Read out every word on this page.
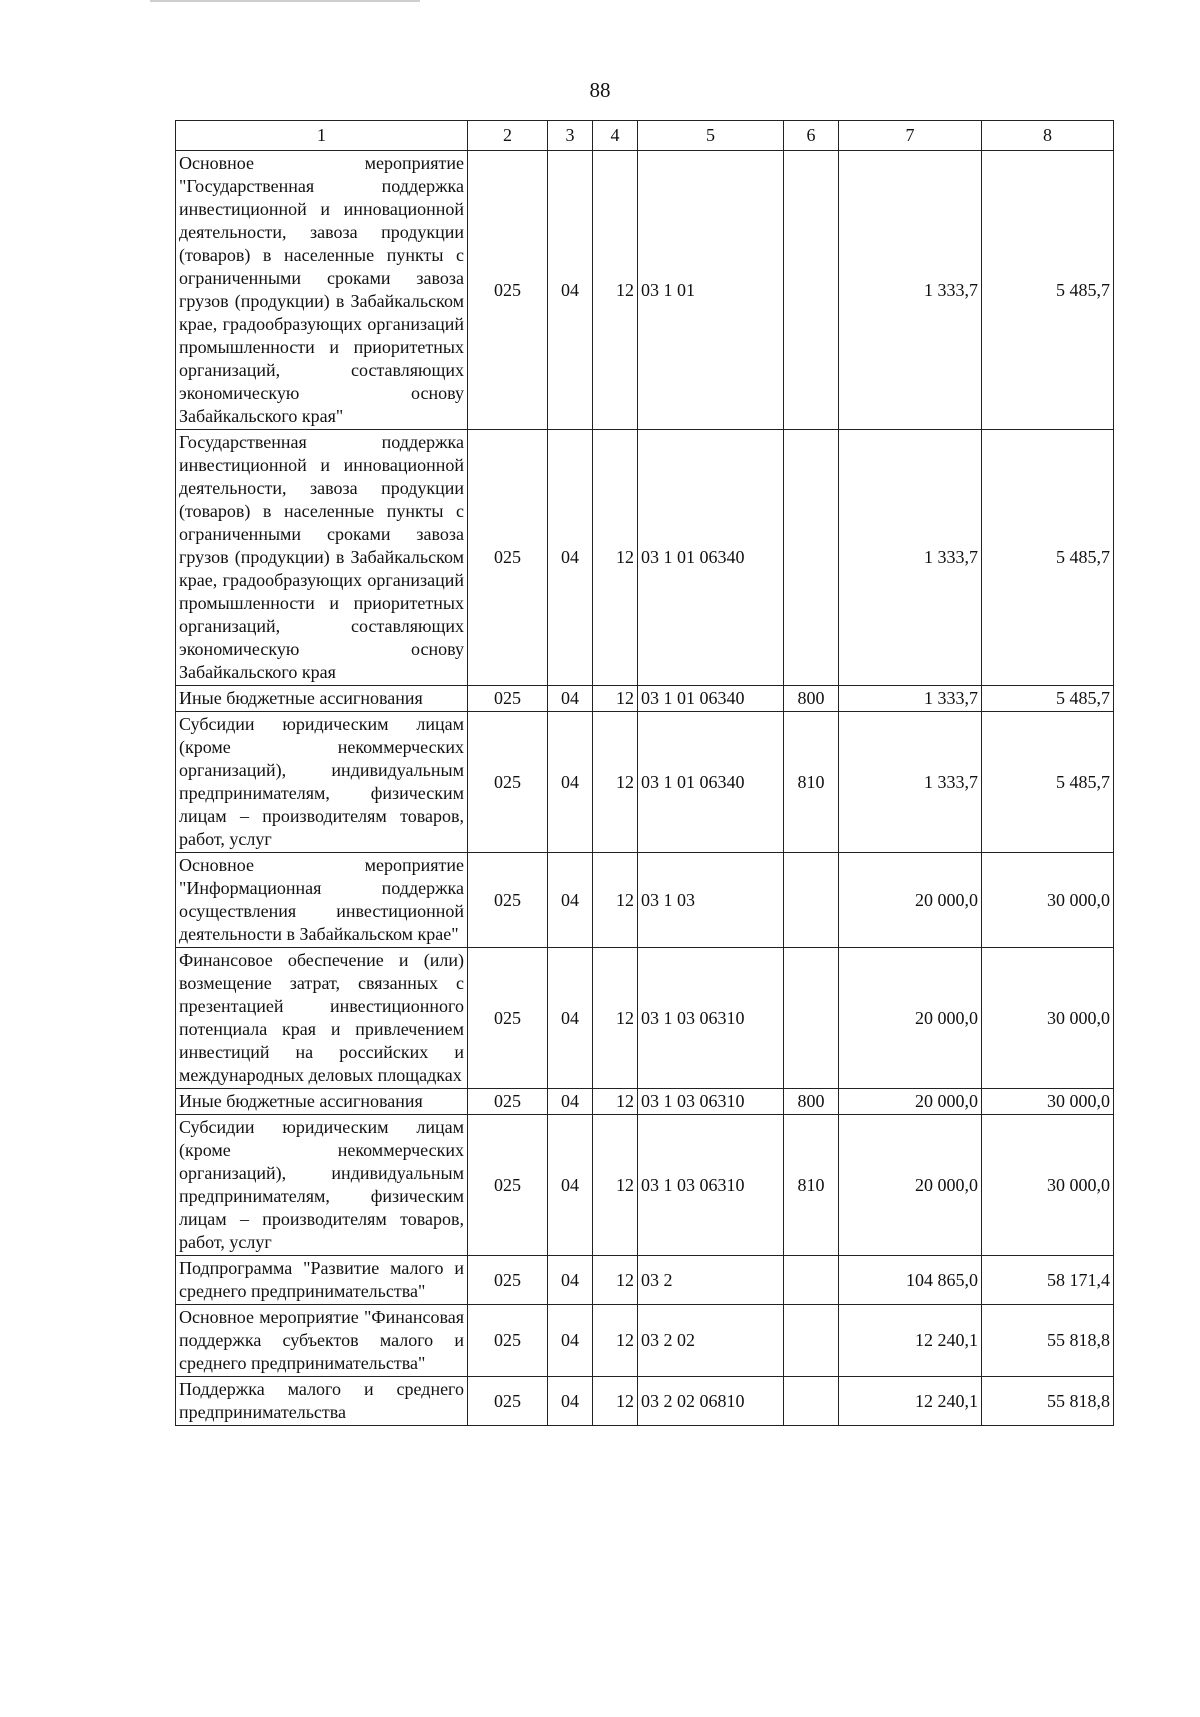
88
1	2	3	4	5	6	7	8
Основное мероприятие "Государственная поддержка инвестиционной и инновационной деятельности, завоза продукции (товаров) в населенные пункты с ограниченными сроками завоза грузов (продукции) в Забайкальском крае, градообразующих организаций промышленности и приоритетных организаций, составляющих экономическую основу Забайкальского края"	025	04	12	03 1 01		1 333,7	5 485,7
Государственная поддержка инвестиционной и инновационной деятельности, завоза продукции (товаров) в населенные пункты с ограниченными сроками завоза грузов (продукции) в Забайкальском крае, градообразующих организаций промышленности и приоритетных организаций, составляющих экономическую основу Забайкальского края	025	04	12	03 1 01 06340		1 333,7	5 485,7
Иные бюджетные ассигнования	025	04	12	03 1 01 06340	800	1 333,7	5 485,7
Субсидии юридическим лицам (кроме некоммерческих организаций), индивидуальным предпринимателям, физическим лицам – производителям товаров, работ, услуг	025	04	12	03 1 01 06340	810	1 333,7	5 485,7
Основное мероприятие "Информационная поддержка осуществления инвестиционной деятельности в Забайкальском крае"	025	04	12	03 1 03		20 000,0	30 000,0
Финансовое обеспечение и (или) возмещение затрат, связанных с презентацией инвестиционного потенциала края и привлечением инвестиций на российских и международных деловых площадках	025	04	12	03 1 03 06310		20 000,0	30 000,0
Иные бюджетные ассигнования	025	04	12	03 1 03 06310	800	20 000,0	30 000,0
Субсидии юридическим лицам (кроме некоммерческих организаций), индивидуальным предпринимателям, физическим лицам – производителям товаров, работ, услуг	025	04	12	03 1 03 06310	810	20 000,0	30 000,0
Подпрограмма "Развитие малого и среднего предпринимательства"	025	04	12	03 2		104 865,0	58 171,4
Основное мероприятие "Финансовая поддержка субъектов малого и среднего предпринимательства"	025	04	12	03 2 02		12 240,1	55 818,8
Поддержка малого и среднего предпринимательства	025	04	12	03 2 02 06810		12 240,1	55 818,8
